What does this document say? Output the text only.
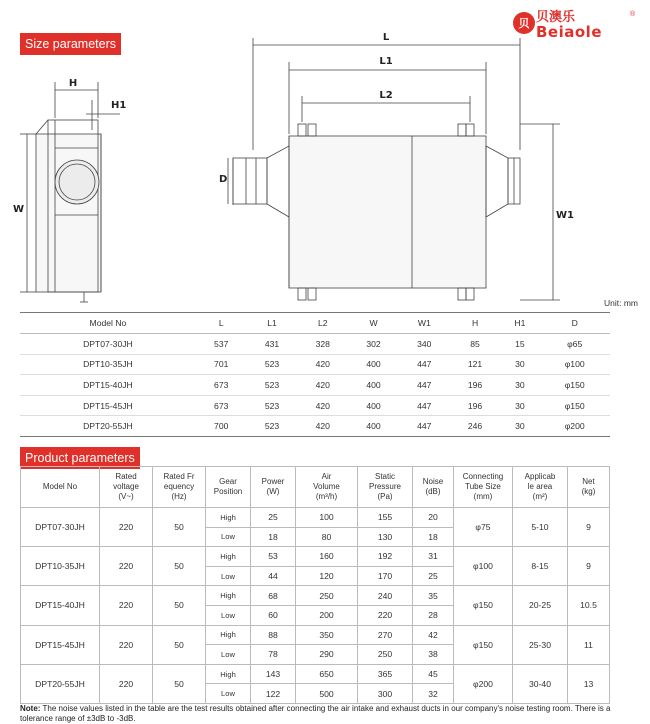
贝 贝澳乐
Beiaole
®
Size parameters
H
H1
W
L
L1
L2
D
W1
Unit: mm
Model No	L	L1	L2	W	W1	H	H1	D
DPT07-30JH	537	431	328	302	340	85	15	φ65
DPT10-35JH	701	523	420	400	447	121	30	φ100
DPT15-40JH	673	523	420	400	447	196	30	φ150
DPT15-45JH	673	523	420	400	447	196	30	φ150
DPT20-55JH	700	523	420	400	447	246	30	φ200
Product parameters
Model No	Rated
voltage
(V~)	Rated Fr
equency
(Hz)	Gear
Position	Power
(W)	Air
Volume
(m³/h)	Static
Pressure
(Pa)	Noise
(dB)	Connecting
Tube Size
(mm)	Applicab
le area
(m²)	Net
(kg)
DPT07-30JH	220	50	High	25	100	155	20	φ75	5-10	9
			Low	18	80	130	18			
DPT10-35JH	220	50	High	53	160	192	31	φ100	8-15	9
			Low	44	120	170	25			
DPT15-40JH	220	50	High	68	250	240	35	φ150	20-25	10.5
			Low	60	200	220	28			
DPT15-45JH	220	50	High	88	350	270	42	φ150	25-30	11
			Low	78	290	250	38			
DPT20-55JH	220	50	High	143	650	365	45	φ200	30-40	13
			Low	122	500	300	32			
Note: The noise values listed in the table are the test results obtained after connecting the air intake and exhaust ducts in our company's noise testing room. There is a tolerance range of ±3dB to -3dB.
